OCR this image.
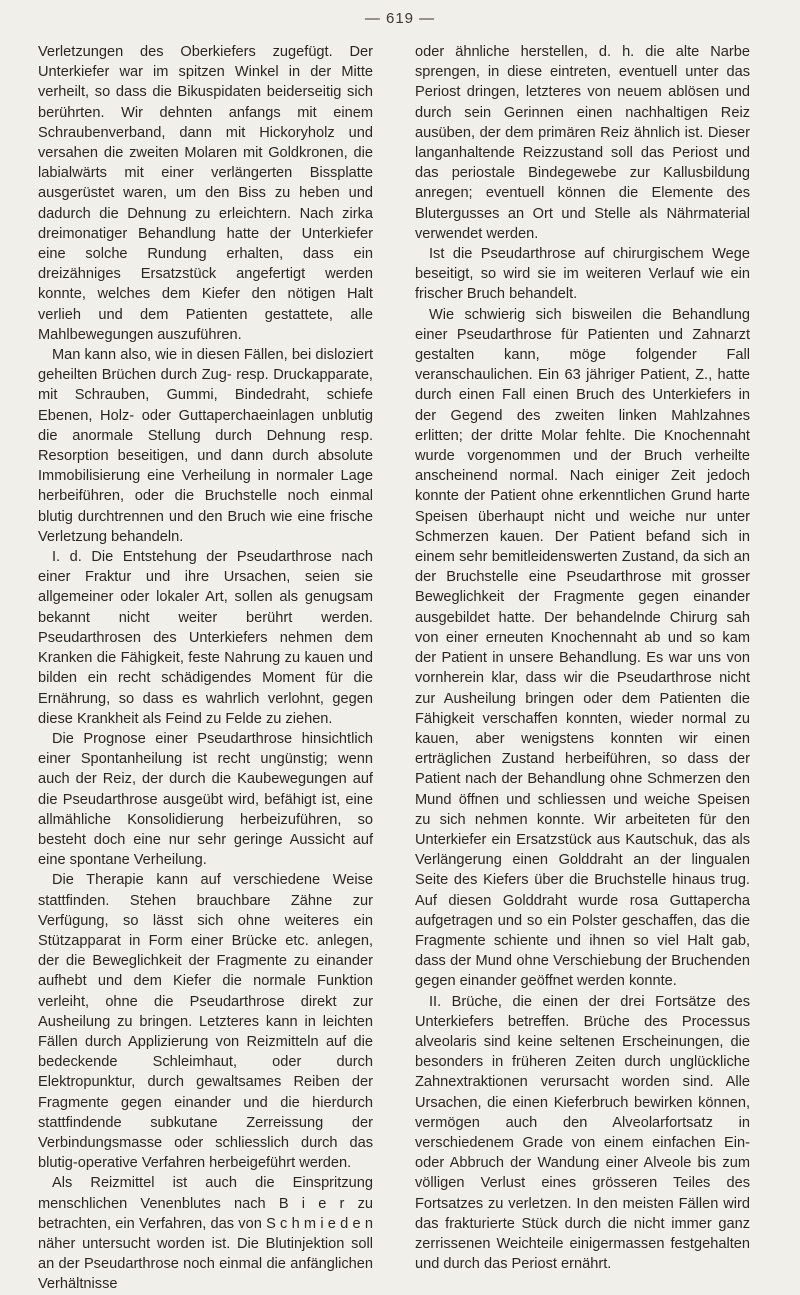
— 619 —

Verletzungen des Oberkiefers zugefügt. Der Unterkiefer war im spitzen Winkel in der Mitte verheilt, so dass die Bikuspidaten beiderseitig sich berührten. Wir dehnten anfangs mit einem Schraubenverband, dann mit Hickoryholz und versahen die zweiten Molaren mit Goldkronen, die labialwärts mit einer verlängerten Bissplatte ausgerüstet waren, um den Biss zu heben und dadurch die Dehnung zu erleichtern. Nach zirka dreimonatiger Behandlung hatte der Unterkiefer eine solche Rundung erhalten, dass ein dreizähniges Ersatzstück angefertigt werden konnte, welches dem Kiefer den nötigen Halt verlieh und dem Patienten gestattete, alle Mahlbewegungen auszuführen.

Man kann also, wie in diesen Fällen, bei disloziert geheilten Brüchen durch Zug- resp. Druckapparate, mit Schrauben, Gummi, Bindedraht, schiefe Ebenen, Holz- oder Guttaperchaeinlagen unblutig die anormale Stellung durch Dehnung resp. Resorption beseitigen, und dann durch absolute Immobilisierung eine Verheilung in normaler Lage herbeiführen, oder die Bruchstelle noch einmal blutig durchtrennen und den Bruch wie eine frische Verletzung behandeln.

I. d. Die Entstehung der Pseudarthrose nach einer Fraktur und ihre Ursachen, seien sie allgemeiner oder lokaler Art, sollen als genugsam bekannt nicht weiter berührt werden. Pseudarthrosen des Unterkiefers nehmen dem Kranken die Fähigkeit, feste Nahrung zu kauen und bilden ein recht schädigendes Moment für die Ernährung, so dass es wahrlich verlohnt, gegen diese Krankheit als Feind zu Felde zu ziehen.

Die Prognose einer Pseudarthrose hinsichtlich einer Spontanheilung ist recht ungünstig; wenn auch der Reiz, der durch die Kaubewegungen auf die Pseudarthrose ausgeübt wird, befähigt ist, eine allmähliche Konsolidierung herbeizuführen, so besteht doch eine nur sehr geringe Aussicht auf eine spontane Verheilung.

Die Therapie kann auf verschiedene Weise stattfinden. Stehen brauchbare Zähne zur Verfügung, so lässt sich ohne weiteres ein Stützapparat in Form einer Brücke etc. anlegen, der die Beweglichkeit der Fragmente zu einander aufhebt und dem Kiefer die normale Funktion verleiht, ohne die Pseudarthrose direkt zur Ausheilung zu bringen. Letzteres kann in leichten Fällen durch Applizierung von Reizmitteln auf die bedeckende Schleimhaut, oder durch Elektropunktur, durch gewaltsames Reiben der Fragmente gegen einander und die hierdurch stattfindende subkutane Zerreissung der Verbindungsmasse oder schliesslich durch das blutig-operative Verfahren herbeigeführt werden.

Als Reizmittel ist auch die Einspritzung menschlichen Venenblutes nach B i e r zu betrachten, ein Verfahren, das von S c h m i e d e n näher untersucht worden ist. Die Blutinjektion soll an der Pseudarthrose noch einmal die anfänglichen Verhältnisse

oder ähnliche herstellen, d. h. die alte Narbe sprengen, in diese eintreten, eventuell unter das Periost dringen, letzteres von neuem ablösen und durch sein Gerinnen einen nachhaltigen Reiz ausüben, der dem primären Reiz ähnlich ist. Dieser langanhaltende Reizzustand soll das Periost und das periostale Bindegewebe zur Kallusbildung anregen; eventuell können die Elemente des Blutergusses an Ort und Stelle als Nährmaterial verwendet werden.

Ist die Pseudarthrose auf chirurgischem Wege beseitigt, so wird sie im weiteren Verlauf wie ein frischer Bruch behandelt.

Wie schwierig sich bisweilen die Behandlung einer Pseudarthrose für Patienten und Zahnarzt gestalten kann, möge folgender Fall veranschaulichen. Ein 63 jähriger Patient, Z., hatte durch einen Fall einen Bruch des Unterkiefers in der Gegend des zweiten linken Mahlzahnes erlitten; der dritte Molar fehlte. Die Knochennaht wurde vorgenommen und der Bruch verheilte anscheinend normal. Nach einiger Zeit jedoch konnte der Patient ohne erkenntlichen Grund harte Speisen überhaupt nicht und weiche nur unter Schmerzen kauen. Der Patient befand sich in einem sehr bemitleidenswerten Zustand, da sich an der Bruchstelle eine Pseudarthrose mit grosser Beweglichkeit der Fragmente gegen einander ausgebildet hatte. Der behandelnde Chirurg sah von einer erneuten Knochennaht ab und so kam der Patient in unsere Behandlung. Es war uns von vornherein klar, dass wir die Pseudarthrose nicht zur Ausheilung bringen oder dem Patienten die Fähigkeit verschaffen konnten, wieder normal zu kauen, aber wenigstens konnten wir einen erträglichen Zustand herbeiführen, so dass der Patient nach der Behandlung ohne Schmerzen den Mund öffnen und schliessen und weiche Speisen zu sich nehmen konnte. Wir arbeiteten für den Unterkiefer ein Ersatzstück aus Kautschuk, das als Verlängerung einen Golddraht an der lingualen Seite des Kiefers über die Bruchstelle hinaus trug. Auf diesen Golddraht wurde rosa Guttapercha aufgetragen und so ein Polster geschaffen, das die Fragmente schiente und ihnen so viel Halt gab, dass der Mund ohne Verschiebung der Bruchenden gegen einander geöffnet werden konnte.

II. Brüche, die einen der drei Fortsätze des Unterkiefers betreffen. Brüche des Processus alveolaris sind keine seltenen Erscheinungen, die besonders in früheren Zeiten durch unglückliche Zahnextraktionen verursacht worden sind. Alle Ursachen, die einen Kieferbruch bewirken können, vermögen auch den Alveolarfortsatz in verschiedenem Grade von einem einfachen Ein- oder Abbruch der Wandung einer Alveole bis zum völligen Verlust eines grösseren Teiles des Fortsatzes zu verletzen. In den meisten Fällen wird das frakturierte Stück durch die nicht immer ganz zerrissenen Weichteile einigermassen festgehalten und durch das Periost ernährt.
